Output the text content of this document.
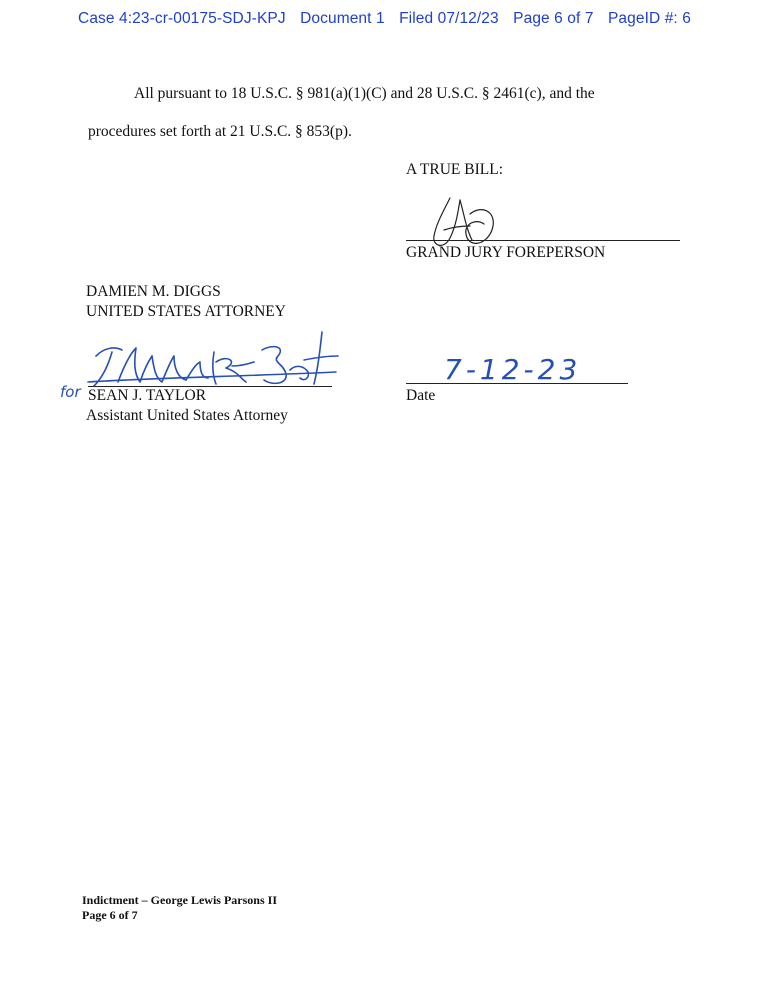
Case 4:23-cr-00175-SDJ-KPJ Document 1 Filed 07/12/23 Page 6 of 7 PageID #: 6
All pursuant to 18 U.S.C. § 981(a)(1)(C) and 28 U.S.C. § 2461(c), and the
procedures set forth at 21 U.S.C. § 853(p).
A TRUE BILL:
GRAND JURY FOREPERSON
DAMIEN M. DIGGS
UNITED STATES ATTORNEY
for SEAN J. TAYLOR
Assistant United States Attorney
7-12-23
Date
Indictment – George Lewis Parsons II
Page 6 of 7
